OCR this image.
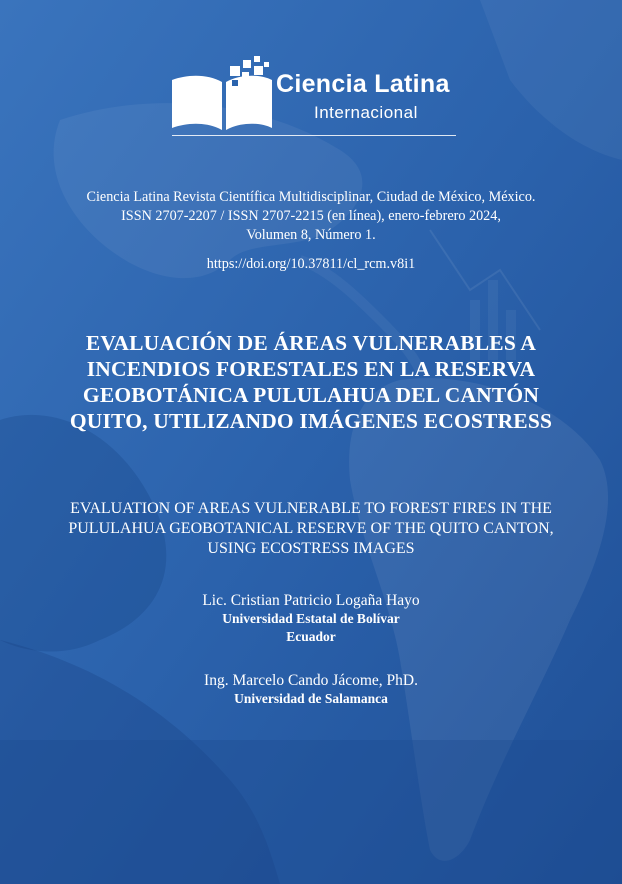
Ciencia Latina
Internacional
Ciencia Latina Revista Científica Multidisciplinar, Ciudad de México, México.
ISSN 2707-2207 / ISSN 2707-2215 (en línea), enero-febrero 2024,
Volumen 8, Número 1.
https://doi.org/10.37811/cl_rcm.v8i1
EVALUACIÓN DE ÁREAS VULNERABLES A INCENDIOS FORESTALES EN LA RESERVA GEOBOTÁNICA PULULAHUA DEL CANTÓN QUITO, UTILIZANDO IMÁGENES ECOSTRESS
EVALUATION OF AREAS VULNERABLE TO FOREST FIRES IN THE PULULAHUA GEOBOTANICAL RESERVE OF THE QUITO CANTON, USING ECOSTRESS IMAGES
Lic. Cristian Patricio Logaña Hayo
Universidad Estatal de Bolívar
Ecuador
Ing. Marcelo Cando Jácome, PhD.
Universidad de Salamanca
